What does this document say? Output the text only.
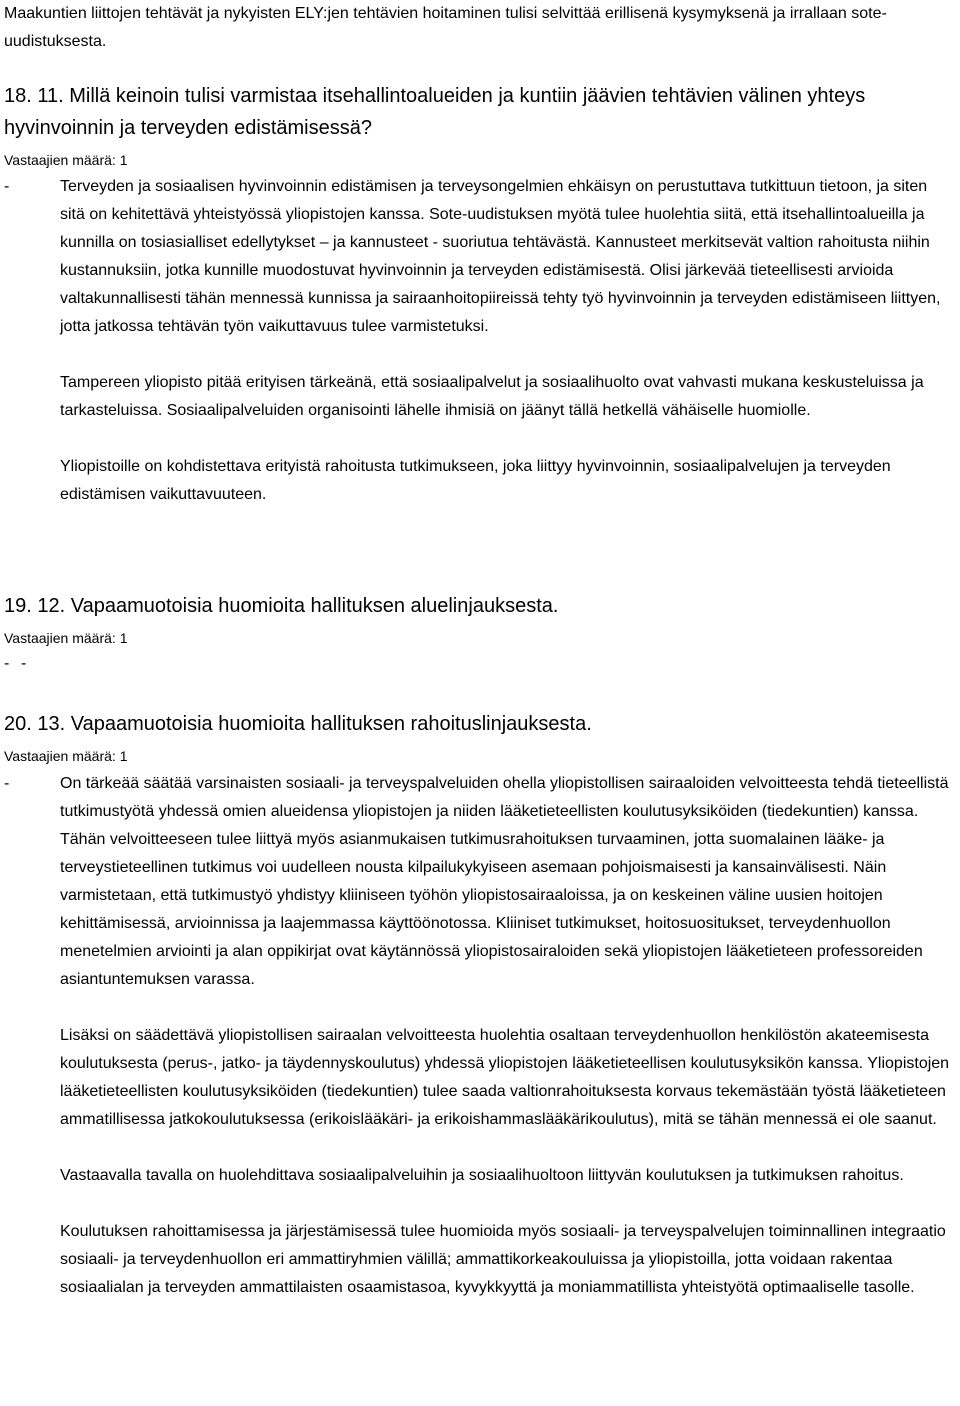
Maakuntien liittojen tehtävät ja nykyisten ELY:jen tehtävien hoitaminen tulisi selvittää erillisenä kysymyksenä ja irrallaan sote-uudistuksesta.

18. 11. Millä keinoin tulisi varmistaa itsehallintoalueiden ja kuntiin jäävien tehtävien välinen yhteys hyvinvoinnin ja terveyden edistämisessä?

Vastaajien määrä: 1

-	Terveyden ja sosiaalisen hyvinvoinnin edistämisen ja terveysongelmien ehkäisyn on perustuttava tutkittuun tietoon, ja siten sitä on kehitettävä yhteistyössä yliopistojen kanssa. Sote-uudistuksen myötä tulee huolehtia siitä, että itsehallintoalueilla ja kunnilla on tosiasialliset edellytykset – ja kannusteet - suoriutua tehtävästä. Kannusteet merkitsevät valtion rahoitusta niihin kustannuksiin, jotka kunnille muodostuvat hyvinvoinnin ja terveyden edistämisestä. Olisi järkevää tieteellisesti arvioida valtakunnallisesti tähän mennessä kunnissa ja sairaanhoitopiireissä tehty työ hyvinvoinnin ja terveyden edistämiseen liittyen, jotta jatkossa tehtävän työn vaikuttavuus tulee varmistetuksi.

Tampereen yliopisto pitää erityisen tärkeänä, että sosiaalipalvelut ja sosiaalihuolto ovat vahvasti mukana keskusteluissa ja tarkasteluissa. Sosiaalipalveluiden organisointi lähelle ihmisiä on jäänyt tällä hetkellä vähäiselle huomiolle.

Yliopistoille on kohdistettava erityistä rahoitusta tutkimukseen, joka liittyy hyvinvoinnin, sosiaalipalvelujen ja terveyden edistämisen vaikuttavuuteen.

19. 12. Vapaamuotoisia huomioita hallituksen aluelinjauksesta.

Vastaajien määrä: 1

- -

20. 13. Vapaamuotoisia huomioita hallituksen rahoituslinjauksesta.

Vastaajien määrä: 1

-	On tärkeää säätää varsinaisten sosiaali- ja terveyspalveluiden ohella yliopistollisen sairaaloiden velvoitteesta tehdä tieteellistä tutkimustyötä yhdessä omien alueidensa yliopistojen ja niiden lääketieteellisten koulutusyksiköiden (tiedekuntien) kanssa. Tähän velvoitteeseen tulee liittyä myös asianmukaisen tutkimusrahoituksen turvaaminen, jotta suomalainen lääke- ja terveystieteellinen tutkimus voi uudelleen nousta kilpailukykyiseen asemaan pohjoismaisesti ja kansainvälisesti. Näin varmistetaan, että tutkimustyö yhdistyy kliiniseen työhön yliopistosairaaloissa, ja on keskeinen väline uusien hoitojen kehittämisessä, arvioinnissa ja laajemmassa käyttöönotossa. Kliiniset tutkimukset, hoitosuositukset, terveydenhuollon menetelmien arviointi ja alan oppikirjat ovat käytännössä yliopistosairaloiden sekä yliopistojen lääketieteen professoreiden asiantuntemuksen varassa.

Lisäksi on säädettävä yliopistollisen sairaalan velvoitteesta huolehtia osaltaan terveydenhuollon henkilöstön akateemisesta koulutuksesta (perus-, jatko- ja täydennyskoulutus) yhdessä yliopistojen lääketieteellisen koulutusyksikön kanssa. Yliopistojen lääketieteellisten koulutusyksiköiden (tiedekuntien) tulee saada valtionrahoituksesta korvaus tekemästään työstä lääketieteen ammatillisessa jatkokoulutuksessa (erikoislääkäri- ja erikoishammaslääkärikoulutus), mitä se tähän mennessä ei ole saanut.

Vastaavalla tavalla on huolehdittava sosiaalipalveluihin ja sosiaalihuoltoon liittyvän koulutuksen ja tutkimuksen rahoitus.

Koulutuksen rahoittamisessa ja järjestämisessä tulee huomioida myös sosiaali- ja terveyspalvelujen toiminnallinen integraatio sosiaali- ja terveydenhuollon eri ammattiryhmien välillä; ammattikorkeakouluissa ja yliopistoilla, jotta voidaan rakentaa sosiaalialan ja terveyden ammattilaisten osaamistasoa, kyvykkyyttä ja moniammatillista yhteistyötä optimaaliselle tasolle.
